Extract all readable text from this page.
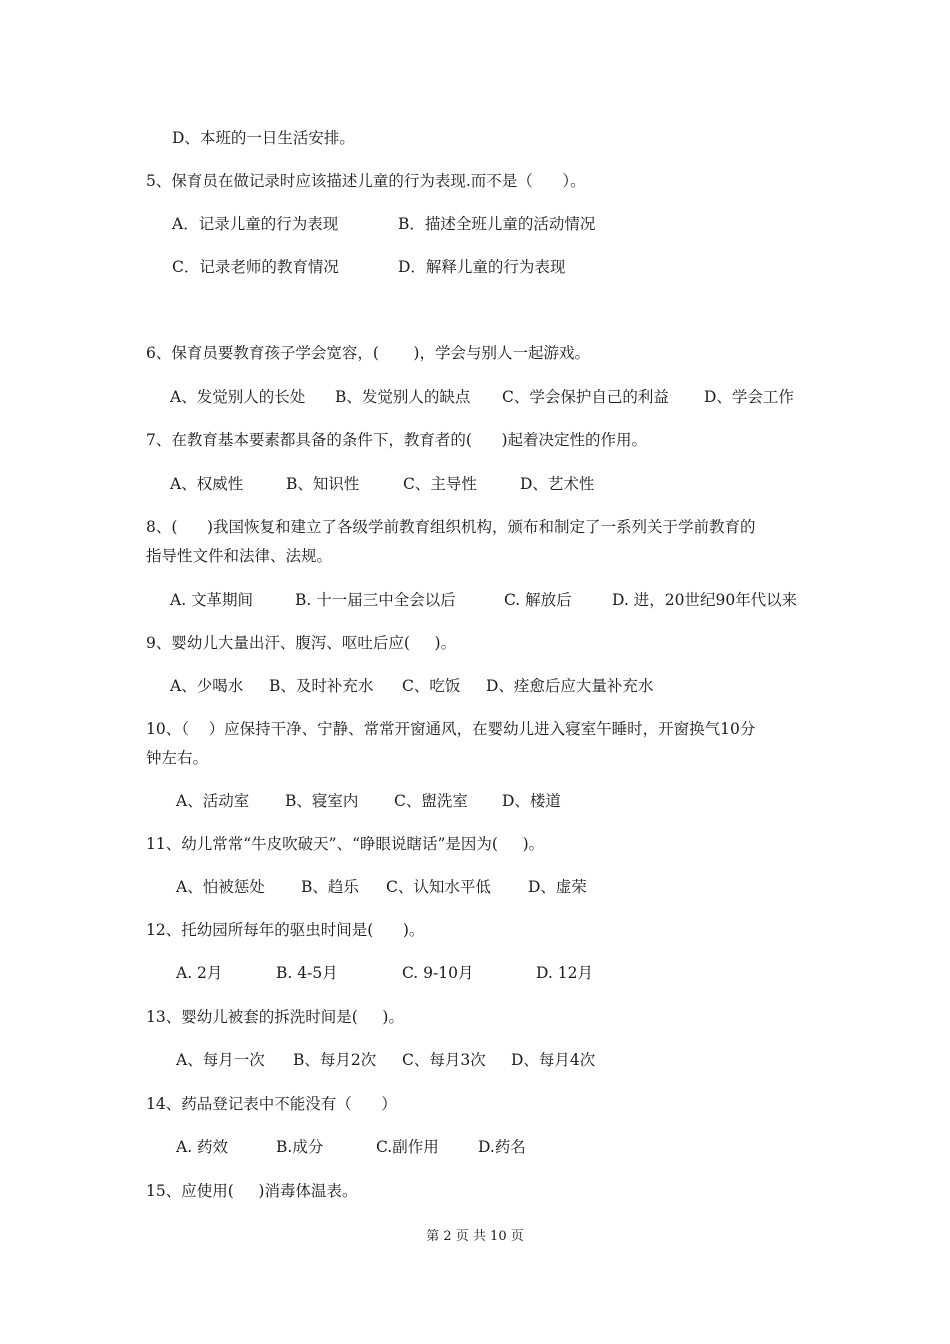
D、本班的一日生活安排。
5、保育员在做记录时应该描述儿童的行为表现.而不是（      ）。

A．记录儿童的行为表现

	B．描述全班儿童的活动情况

C．记录老师的教育情况

	D．解释儿童的行为表现

6、保育员要教育孩子学会宽容，(       )，学会与别人一起游戏。

A、发觉别人的长处

B、发觉别人的缺点

C、学会保护自己的利益

D、学会工作

7、在教育基本要素都具备的条件下，教育者的(      )起着决定性的作用。

A、权威性

	B、知识性

	C、主导性

	D、艺术性

8、(      )我国恢复和建立了各级学前教育组织机构，颁布和制定了一系列关于学前教育的
指导性文件和法律、法规。

A. 文革期间

	B. 十一届三中全会以后

	C. 解放后

	D. 进，20世纪90年代以来

9、婴幼儿大量出汗、腹泻、呕吐后应(     )。

A、少喝水

B、及时补充水

C、吃饭

D、痊愈后应大量补充水

10、（    ）应保持干净、宁静、常常开窗通风，在婴幼儿进入寝室午睡时，开窗换气10分
钟左右。

A、活动室

B、寝室内

C、盥洗室

D、楼道

11、幼儿常常“牛皮吹破天”、“睁眼说瞎话”是因为(     )。

A、怕被惩处

B、趋乐

C、认知水平低

D、虚荣

12、托幼园所每年的驱虫时间是(      )。

A. 2月

	B. 4-5月

	C. 9-10月

	D. 12月

13、婴幼儿被套的拆洗时间是(     )。

A、每月一次

B、每月2次

C、每月3次

D、每月4次

14、药品登记表中不能没有（      ）

A. 药效

	B.成分

	C.副作用

	D.药名

15、应使用(     )消毒体温表。
第 2 页 共 10 页
